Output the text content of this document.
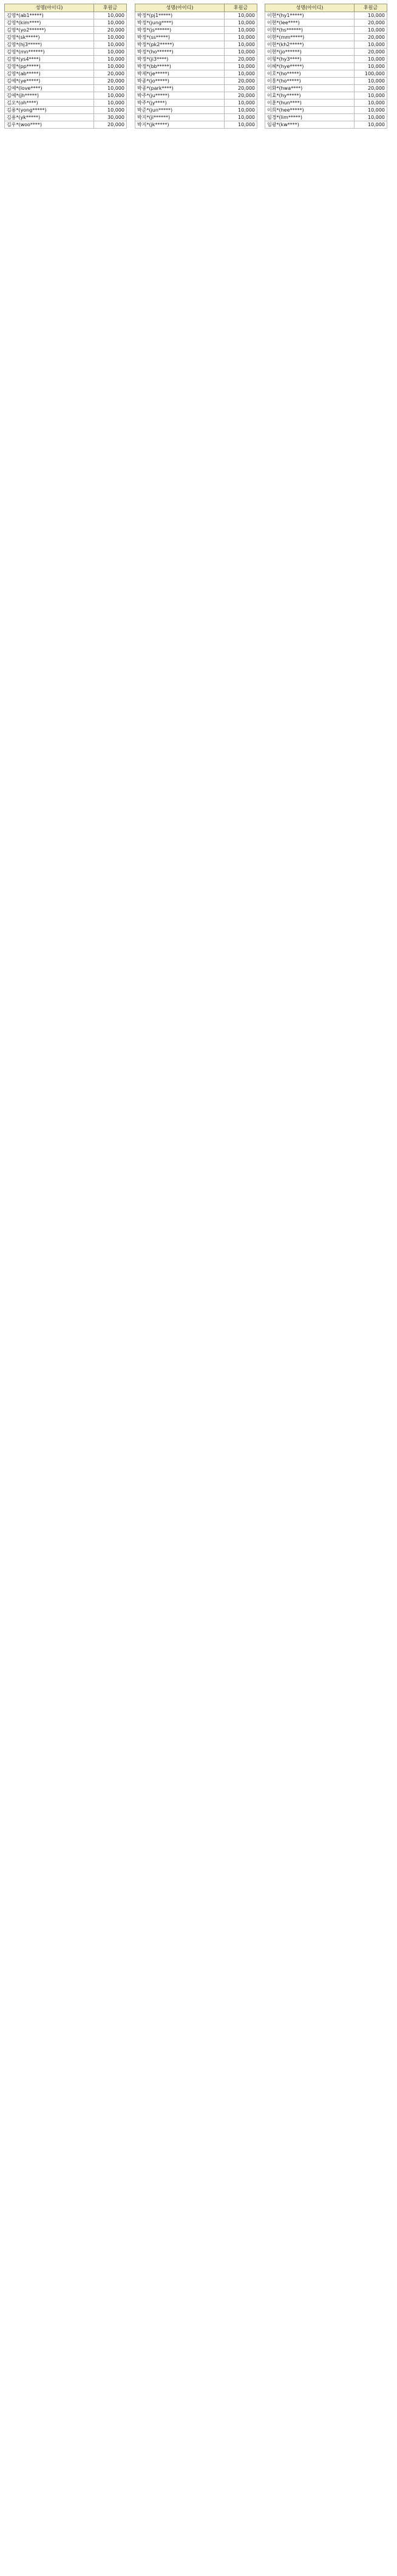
성명(아이디)	후원금
김영*(ab1*****)	10,000
김영*(kim****)	10,000
김영*(yo2******)	20,000
김영*(sk*****)	10,000
김영*(hj3*****)	10,000
김영*(mn******)	10,000
김영*(ys4****)	10,000
김영*(pp*****)	10,000
김영*(ab*****)	20,000
김예*(ye*****)	20,000
김예*(love****)	10,000
김예*(jh*****)	10,000
김오*(oh****)	10,000
김용*(yong*****)	10,000
김용*(yk*****)	30,000
김우*(woo****)	20,000
성명(아이디)	후원금
박정*(pj1*****)	10,000
박정*(jung****)	10,000
박정*(js******)	10,000
박정*(ss*****)	10,000
박정*(pk2*****)	10,000
박정*(ho******)	10,000
박정*(ji3****)	20,000
박정*(bb*****)	10,000
박제*(je*****)	10,000
박종*(jo*****)	20,000
박종*(park****)	20,000
박주*(ju*****)	20,000
박주*(jy****)	10,000
박준*(jun*****)	10,000
박지*(ji******)	10,000
박지*(jk*****)	10,000
성명(아이디)	후원금
이현*(hy1*****)	10,000
이현*(lee****)	20,000
이현*(hs******)	10,000
이현*(mm*****)	20,000
이현*(kh2*****)	10,000
이현*(jo******)	20,000
이형*(hy3****)	10,000
이혜*(hye*****)	10,000
이호*(ho*****)	100,000
이홍*(ho*****)	10,000
이화*(hwa****)	20,000
이효*(hy*****)	10,000
이훈*(hun****)	10,000
이희*(hee*****)	10,000
임경*(lim*****)	10,000
임광*(kw****)	10,000
